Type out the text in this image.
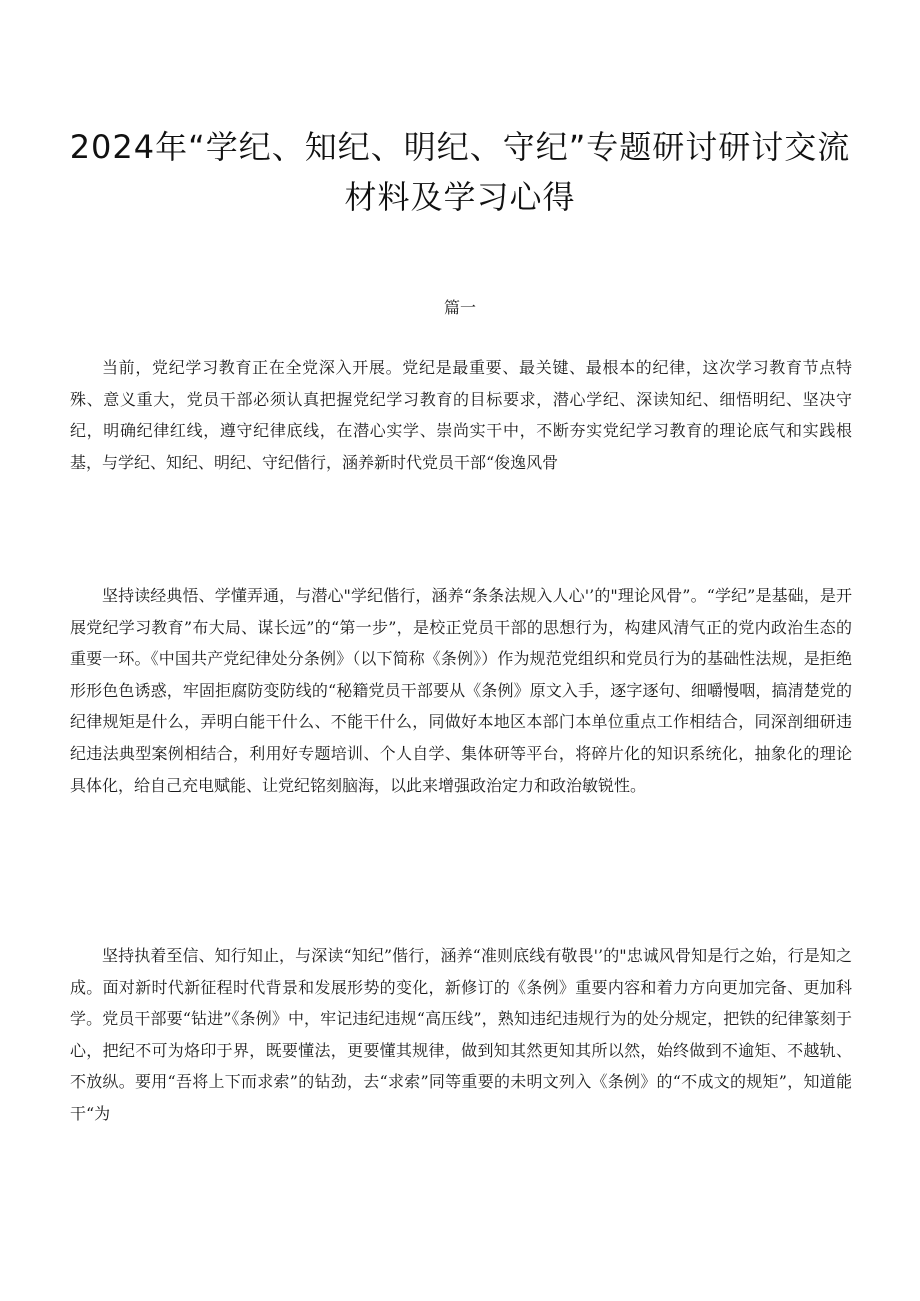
2024年“学纪、知纪、明纪、守纪”专题研讨研讨交流材料及学习心得
篇一

当前，党纪学习教育正在全党深入开展。党纪是最重要、最关键、最根本的纪律，这次学习教育节点特殊、意义重大，党员干部必须认真把握党纪学习教育的目标要求，潜心学纪、深读知纪、细悟明纪、坚决守纪，明确纪律红线，遵守纪律底线，在潜心实学、崇尚实干中，不断夯实党纪学习教育的理论底气和实践根基，与学纪、知纪、明纪、守纪偕行，涵养新时代党员干部“俊逸风骨

坚持读经典悟、学懂弄通，与潜心"学纪偕行，涵养“条条法规入人心'’的"理论风骨”。“学纪”是基础，是开展党纪学习教育”布大局、谋长远”的“第一步”，是校正党员干部的思想行为，构建风清气正的党内政治生态的重要一环。《中国共产党纪律处分条例》（以下简称《条例》）作为规范党组织和党员行为的基础性法规，是拒绝形形色色诱惑，牢固拒腐防变防线的“秘籍党员干部要从《条例》原文入手，逐字逐句、细嚼慢咽，搞清楚党的纪律规矩是什么，弄明白能干什么、不能干什么，同做好本地区本部门本单位重点工作相结合，同深剖细研违纪违法典型案例相结合，利用好专题培训、个人自学、集体研等平台，将碎片化的知识系统化，抽象化的理论具体化，给自己充电赋能、让党纪铭刻脑海，以此来增强政治定力和政治敏锐性。

坚持执着至信、知行知止，与深读“知纪”偕行，涵养“准则底线有敬畏'’的"忠诚风骨知是行之始，行是知之成。面对新时代新征程时代背景和发展形势的变化，新修订的《条例》重要内容和着力方向更加完备、更加科学。党员干部要“钻进”《条例》中，牢记违纪违规“高压线”，熟知违纪违规行为的处分规定，把铁的纪律篆刻于心，把纪不可为烙印于界，既要懂法，更要懂其规律，做到知其然更知其所以然，始终做到不逾矩、不越轨、不放纵。要用“吾将上下而求索”的钻劲，去“求索”同等重要的未明文列入《条例》的“不成文的规矩”，知道能干“为
